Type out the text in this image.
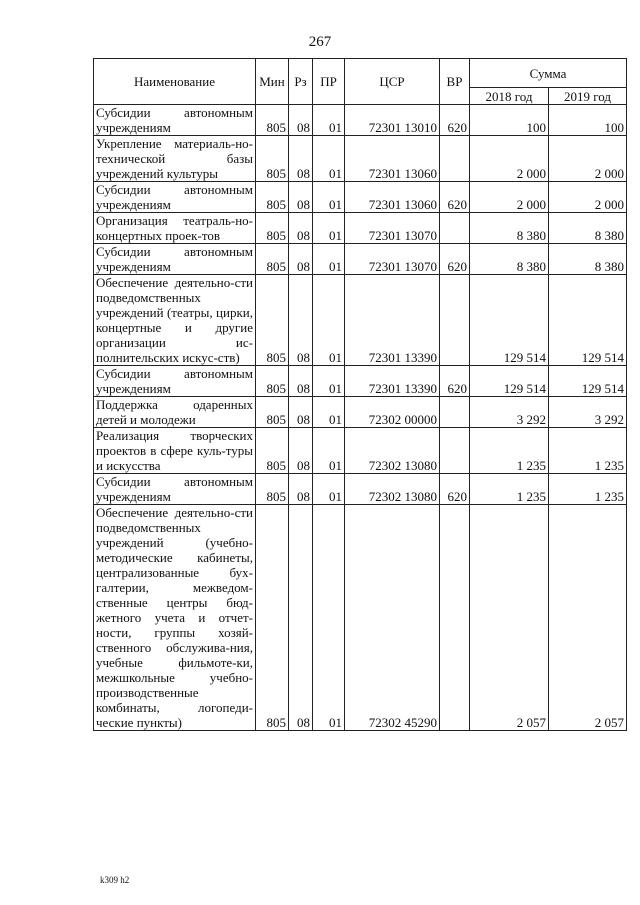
267
Наименование	Мин	Рз	ПР	ЦСР	ВР	Сумма	
						2018 год	2019 год
Субсидии автономным учреждениям	805	08	01	72301 13010	620	100	100
Укрепление материаль-но-технической базы учреждений культуры	805	08	01	72301 13060		2 000	2 000
Субсидии автономным учреждениям	805	08	01	72301 13060	620	2 000	2 000
Организация театраль-но-концертных проек-тов	805	08	01	72301 13070		8 380	8 380
Субсидии автономным учреждениям	805	08	01	72301 13070	620	8 380	8 380
Обеспечение деятельно-сти подведомственных учреждений (театры, цирки, концертные и другие организации ис-полнительских искус-ств)	805	08	01	72301 13390		129 514	129 514
Субсидии автономным учреждениям	805	08	01	72301 13390	620	129 514	129 514
Поддержка одаренных детей и молодежи	805	08	01	72302 00000		3 292	3 292
Реализация творческих проектов в сфере куль-туры и искусства	805	08	01	72302 13080		1 235	1 235
Субсидии автономным учреждениям	805	08	01	72302 13080	620	1 235	1 235
Обеспечение деятельно-сти подведомственных учреждений (учебно-методические кабинеты, централизованные бух-галтерии, межведом-ственные центры бюд-жетного учета и отчет-ности, группы хозяй-ственного обслужива-ния, учебные фильмоте-ки, межшкольные учебно-производственные комбинаты, логопеди-ческие пункты)	805	08	01	72302 45290		2 057	2 057
k309 h2
